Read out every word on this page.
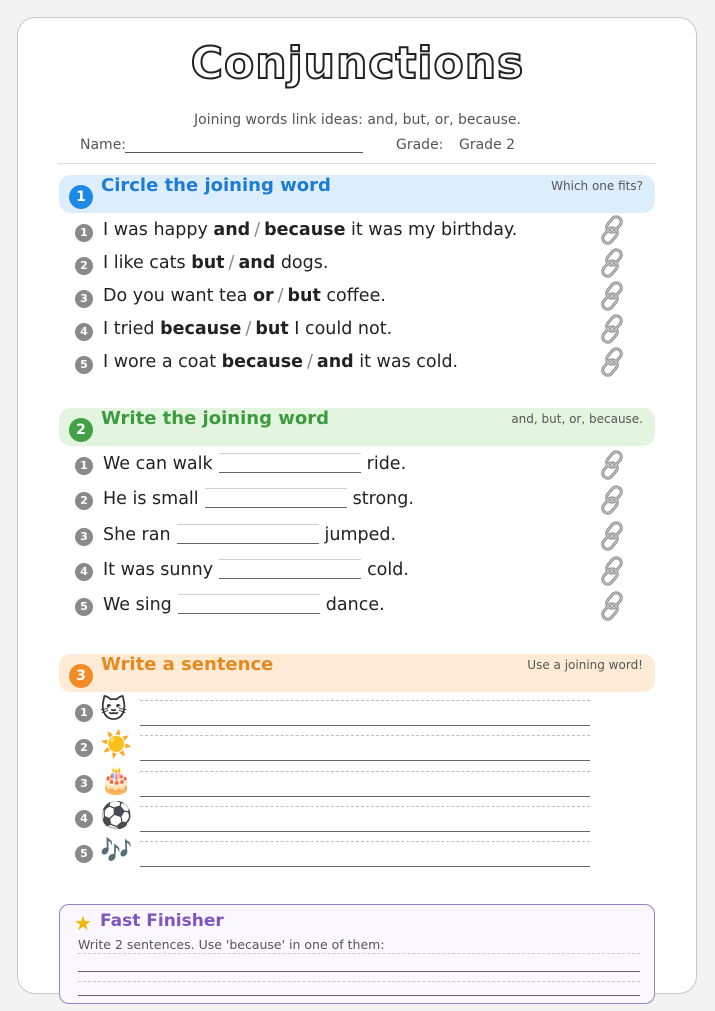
Conjunctions
Joining words link ideas: and, but, or, because.
Name:	Grade: Grade 2
1
Circle the joining word	Which one fits?
1 I was happy and / because it was my birthday.
2 I like cats but / and dogs.
3 Do you want tea or / but coffee.
4 I tried because / but I could not.
5 I wore a coat because / and it was cold.
2
Write the joining word	and, but, or, because.
1 We can walk	ride.
2 He is small	strong.
3 She ran	jumped.
4 It was sunny	cold.
5 We sing	dance.
3
Write a sentence	Use a joining word!
1 🐱
2 ☀️
3 🎂
4 ⚽
5 🎶
★ Fast Finisher
Write 2 sentences. Use 'because' in one of them:
